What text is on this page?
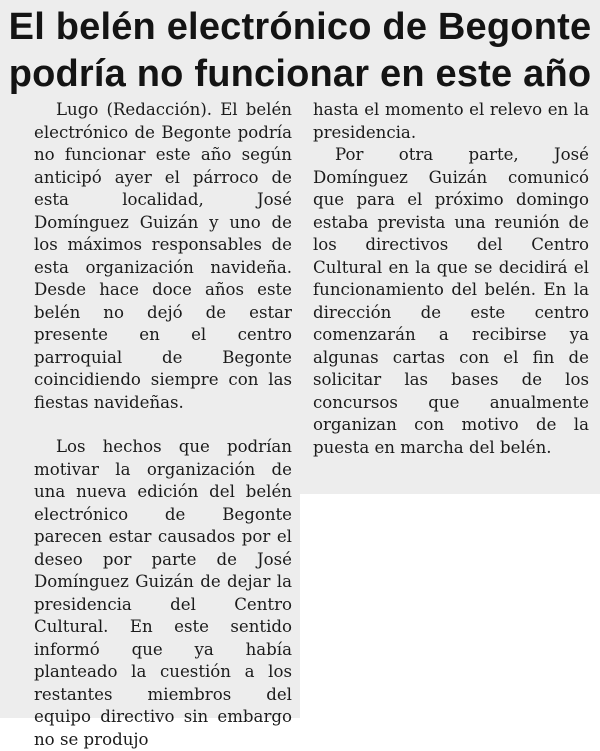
El belén electrónico de Begonte podría no funcionar en este año

Lugo (Redacción). El belén electrónico de Begonte podría no funcionar este año según anticipó ayer el párroco de esta localidad, José Domínguez Guizán y uno de los máximos responsables de esta organización navideña. Desde hace doce años este belén no dejó de estar presente en el centro parroquial de Begonte coincidiendo siempre con las fiestas navideñas.

Los hechos que podrían motivar la organización de una nueva edición del belén electrónico de Begonte parecen estar causados por el deseo por parte de José Domínguez Guizán de dejar la presidencia del Centro Cultural. En este sentido informó que ya había planteado la cuestión a los restantes miembros del equipo directivo sin embargo no se produjo

hasta el momento el relevo en la presidencia.

Por otra parte, José Domínguez Guizán comunicó que para el próximo domingo estaba prevista una reunión de los directivos del Centro Cultural en la que se decidirá el funcionamiento del belén. En la dirección de este centro comenzarán a recibirse ya algunas cartas con el fin de solicitar las bases de los concursos que anualmente organizan con motivo de la puesta en marcha del belén.
